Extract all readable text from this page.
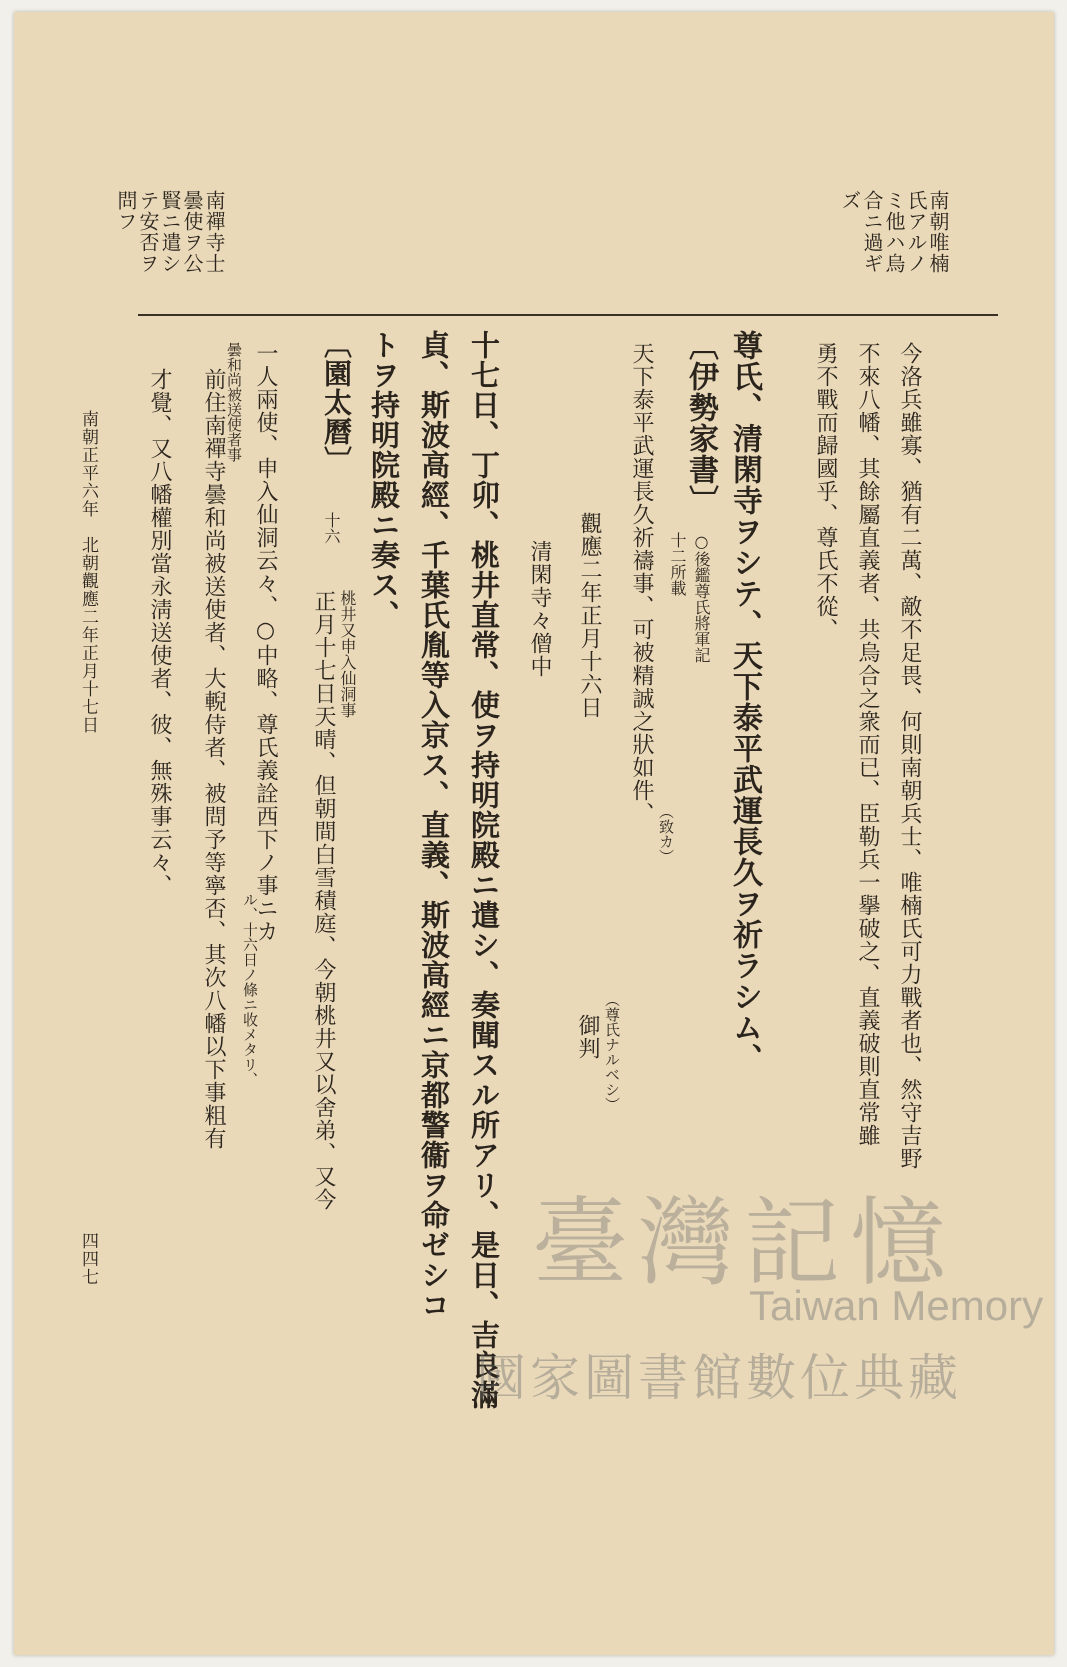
南朝唯楠
氏アルノ
ミ他ハ烏
合ニ過ギ
ズ
南禪寺士
曇使ヲ公
賢ニ遣シ
テ安否ヲ
問フ
今洛兵雖寡、猶有二萬、敵不足畏、何則南朝兵士、唯楠氏可力戰者也、然守吉野
不來八幡、其餘屬直義者、共烏合之衆而已、臣勒兵一擧破之、直義破則直常雖
勇不戰而歸國乎、尊氏不從、
尊氏、清閑寺ヲシテ、天下泰平武運長久ヲ祈ラシム、
〔伊勢家書〕
○後鑑尊氏將軍記
十二所載
天下泰平武運長久祈禱事、可被精誠之狀如件、
（致カ）
（尊氏ナルベシ）
御判
觀應二年正月十六日
清閑寺々僧中
十七日、丁卯、桃井直常、使ヲ持明院殿ニ遣シ、奏聞スル所アリ、是日、吉良滿
貞、斯波高經、千葉氏胤等入京ス、直義、斯波高經ニ京都警衞ヲ命ゼシコ
トヲ持明院殿ニ奏ス、
〔園太曆〕
十六
桃井又申入仙洞事
正月十七日天晴、但朝間白雪積庭、今朝桃井又以舍弟、又今
一人兩使、申入仙洞云々、○中略、尊氏義詮西下ノ事ニカ
ル、十六日ノ條ニ收メタリ、
曇和尚被送使者事
前住南禪寺曇和尚被送使者、大輗侍者、被問予等寧否、其次八幡以下事粗有
才覺、又八幡權別當永淸送使者、彼、無殊事云々、
南朝正平六年　北朝觀應二年正月十七日
四四七	臺灣記憶
Taiwan Memory
國家圖書館數位典藏
